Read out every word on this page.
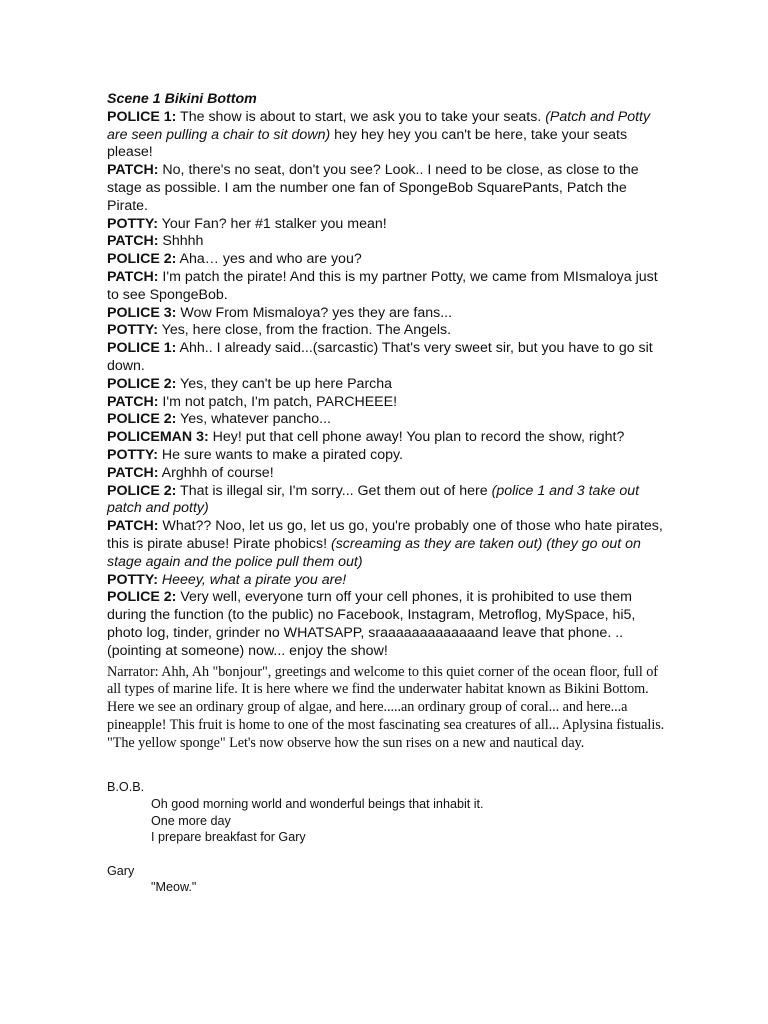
Scene 1 Bikini Bottom
POLICE 1: The show is about to start, we ask you to take your seats. (Patch and Potty are seen pulling a chair to sit down) hey hey hey you can't be here, take your seats please!
PATCH: No, there's no seat, don't you see? Look.. I need to be close, as close to the stage as possible. I am the number one fan of SpongeBob SquarePants, Patch the Pirate.
POTTY: Your Fan? her #1 stalker you mean!
PATCH: Shhhh
POLICE 2: Aha… yes and who are you?
PATCH: I'm patch the pirate! And this is my partner Potty, we came from MIsmaloya just to see SpongeBob.
POLICE 3: Wow From Mismaloya? yes they are fans...
POTTY: Yes, here close, from the fraction. The Angels.
POLICE 1: Ahh.. I already said...(sarcastic) That's very sweet sir, but you have to go sit down.
POLICE 2: Yes, they can't be up here Parcha
PATCH: I'm not patch, I'm patch, PARCHEEE!
POLICE 2: Yes, whatever pancho...
POLICEMAN 3: Hey! put that cell phone away! You plan to record the show, right?
POTTY: He sure wants to make a pirated copy.
PATCH: Arghhh of course!
POLICE 2: That is illegal sir, I'm sorry... Get them out of here (police 1 and 3 take out patch and potty)
PATCH: What?? Noo, let us go, let us go, you're probably one of those who hate pirates, this is pirate abuse! Pirate phobics! (screaming as they are taken out) (they go out on stage again and the police pull them out)
POTTY: Heeey, what a pirate you are!
POLICE 2: Very well, everyone turn off your cell phones, it is prohibited to use them during the function (to the public) no Facebook, Instagram, Metroflog, MySpace, hi5, photo log, tinder, grinder no WHATSAPP, sraaaaaaaaaaaaand leave that phone. ..(pointing at someone) now... enjoy the show!
Narrator: Ahh, Ah "bonjour", greetings and welcome to this quiet corner of the ocean floor, full of all types of marine life. It is here where we find the underwater habitat known as Bikini Bottom. Here we see an ordinary group of algae, and here.....an ordinary group of coral... and here...a pineapple! This fruit is home to one of the most fascinating sea creatures of all... Aplysina fistualis. "The yellow sponge" Let's now observe how the sun rises on a new and nautical day.
B.O.B.
Oh good morning world and wonderful beings that inhabit it.
One more day
I prepare breakfast for Gary
Gary
"Meow."
